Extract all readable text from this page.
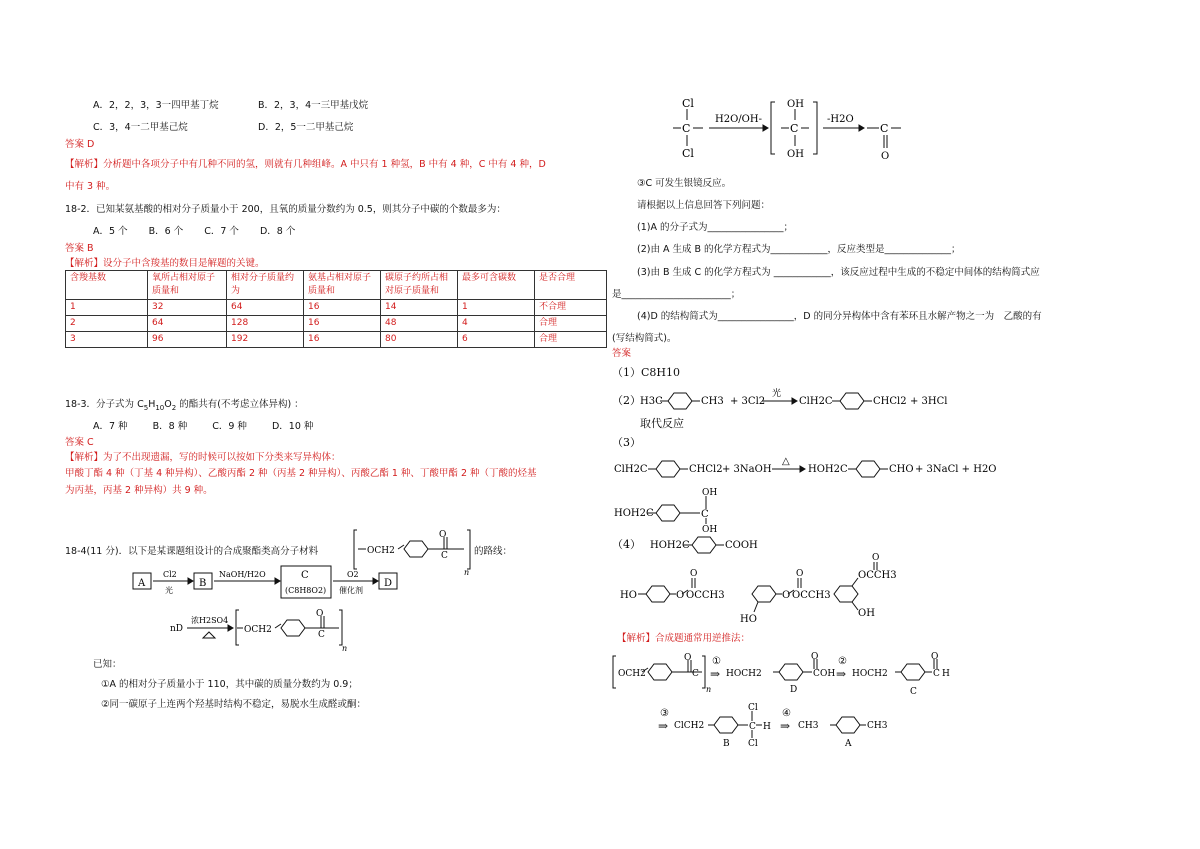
A．2，2，3，3一四甲基丁烷	B．2，3，4一三甲基戊烷
C．3，4一二甲基己烷	D．2，5一二甲基己烷
答案 D
【解析】分析题中各项分子中有几种不同的氢，则就有几种组峰。A 中只有 1 种氢，B 中有 4 种，C 中有 4 种，D
中有 3 种。
18-2．已知某氨基酸的相对分子质量小于 200，且氧的质量分数约为 0.5，则其分子中碳的个数最多为：
A．5 个 B．6 个 C．7 个 D．8 个
答案 B
【解析】设分子中含羧基的数目是解题的关键。
含羧基数	氧所占相对原子质量和	相对分子质量约为	氨基占相对原子质量和	碳原子约所占相对原子质量和	最多可含碳数	是否合理
1	32	64	16	14	1	不合理
2	64	128	16	48	4	合理
3	96	192	16	80	6	合理
18-3．分子式为 $C_5H_{10}O_2$ 的酯共有(不考虑立体异构) ：
A．7 种	B．8 种	C．9 种	D．10 种
答案 C
【解析】为了不出现遗漏，写的时候可以按如下分类来写异构体：
甲酸丁酯 4 种（丁基 4 种异构）、乙酸丙酯 2 种（丙基 2 种异构）、丙酸乙酯 1 种、丁酸甲酯 2 种（丁酸的烃基
为丙基，丙基 2 种异构）共 9 种。
18-4(11 分)．以下是某课题组设计的合成聚酯类高分子材料	的路线：
OCH2
O
C
n
A	B
C
(C8H8O2)
D
Cl2
光
NaOH/H2O	O2
催化剂
nD
浓H2SO4
OCH2
O
C
n
已知：
①A 的相对分子质量小于 110，其中碳的质量分数约为 0.9；
②同一碳原子上连两个羟基时结构不稳定，易脱水生成醛或酮：
Cl
C
Cl
H2O/OH-
OH
C
OH
-H2O
C
O
③C 可发生银镜反应。
请根据以上信息回答下列问题：
(1)A 的分子式为________________；
(2)由 A 生成 B 的化学方程式为____________，反应类型是______________；
(3)由 B 生成 C 的化学方程式为 ____________，该反应过程中生成的不稳定中间体的结构简式应
是_______________________；
(4)D 的结构简式为________________，D 的同分异构体中含有苯环且水解产物之一为　乙酸的有
(写结构简式)。
答案
（1）C8H10
（2） H3C	CH3 + 3Cl2
光
ClH2C	CHCl2 + 3HCl
取代反应
（3）
ClH2C	CHCl2 + 3NaOH
△
HOH2C	CHO + 3NaCl + H2O
HOH2C
OH
C
OH
（4） HOH2C	COOH
HO	O OCCH3
O
O OCCH3
O
HO
OCCH3
O
OH
【解析】合成题通常用逆推法：
OCH2
O
C
n
①
⇒ HOCH2
O
C OH
D
②
⇒ HOCH2
O
C H
C
③
⇒ ClCH2
Cl
C H
Cl
B
④
⇒ CH3	CH3
A
